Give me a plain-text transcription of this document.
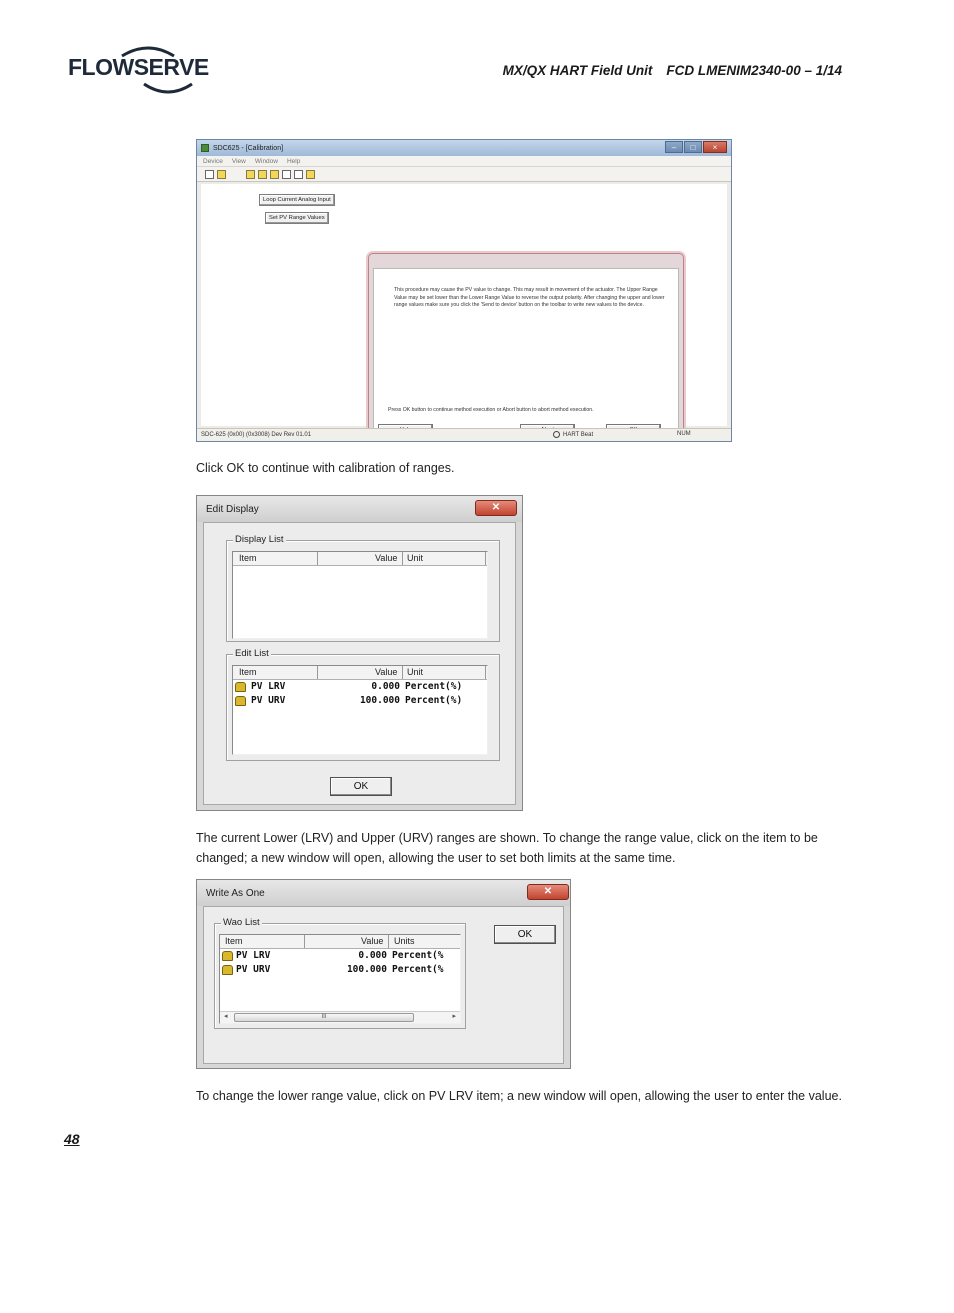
FLOWSERVE	MX/QX HART Field Unit FCD LMENIM2340-00 – 1/14
SDC625 - [Calibration]	–	□	×
Device View Window Help
Loop Current Analog Input
Set PV Range Values
This procedure may cause the PV value to change. This may result in movement of the actuator. The Upper Range Value may be set lower than the Lower Range Value to reverse the output polarity. After changing the upper and lower range values make sure you click the 'Send to device' button on the toolbar to write new values to the device.
Press OK button to continue method execution or Abort button to abort method execution.
SDC-625 (0x00) (0x3008) Dev Rev 01.01	HART Beat	NUM
Click OK to continue with calibration of ranges.
Edit Display	✕
Display List
Item	Value Unit
Edit List
Item	Value Unit
PV LRV	0.000 Percent(%)
PV URV	100.000 Percent(%)
OK
The current Lower (LRV) and Upper (URV) ranges are shown. To change the range value, click on the item to be changed; a new window will open, allowing the user to set both limits at the same time.
Write As One	✕
Wao List
Item	Value Units
PV LRV	0.000 Percent(%
PV URV	100.000 Percent(%
◂	III	▸
OK
To change the lower range value, click on PV LRV item; a new window will open, allowing the user to enter the value.
48
